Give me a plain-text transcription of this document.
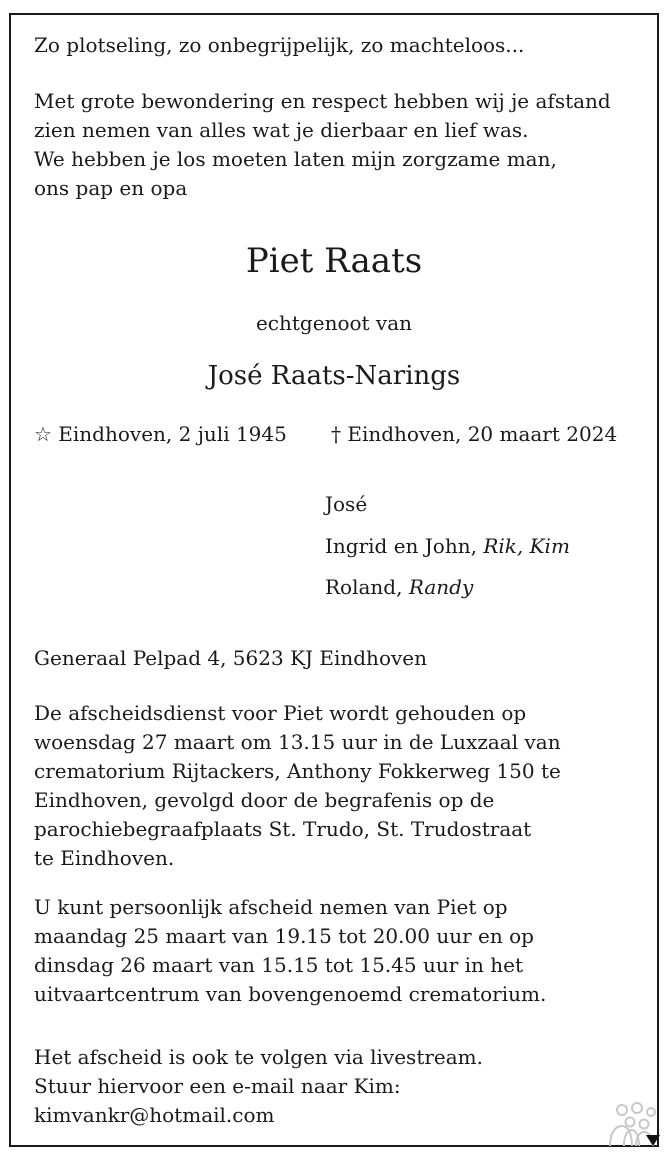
Zo plotseling, zo onbegrijpelijk, zo machteloos...
Met grote bewondering en respect hebben wij je afstand
zien nemen van alles wat je dierbaar en lief was.
We hebben je los moeten laten mijn zorgzame man,
ons pap en opa
Piet Raats
echtgenoot van
José Raats-Narings
☆ Eindhoven, 2 juli 1945 † Eindhoven, 20 maart 2024
José
Ingrid en John, Rik, Kim
Roland, Randy
Generaal Pelpad 4, 5623 KJ Eindhoven
De afscheidsdienst voor Piet wordt gehouden op
woensdag 27 maart om 13.15 uur in de Luxzaal van
crematorium Rijtackers, Anthony Fokkerweg 150 te
Eindhoven, gevolgd door de begrafenis op de
parochiebegraafplaats St. Trudo, St. Trudostraat
te Eindhoven.
U kunt persoonlijk afscheid nemen van Piet op
maandag 25 maart van 19.15 tot 20.00 uur en op
dinsdag 26 maart van 15.15 tot 15.45 uur in het
uitvaartcentrum van bovengenoemd crematorium.
Het afscheid is ook te volgen via livestream.
Stuur hiervoor een e-mail naar Kim:
kimvankr@hotmail.com
